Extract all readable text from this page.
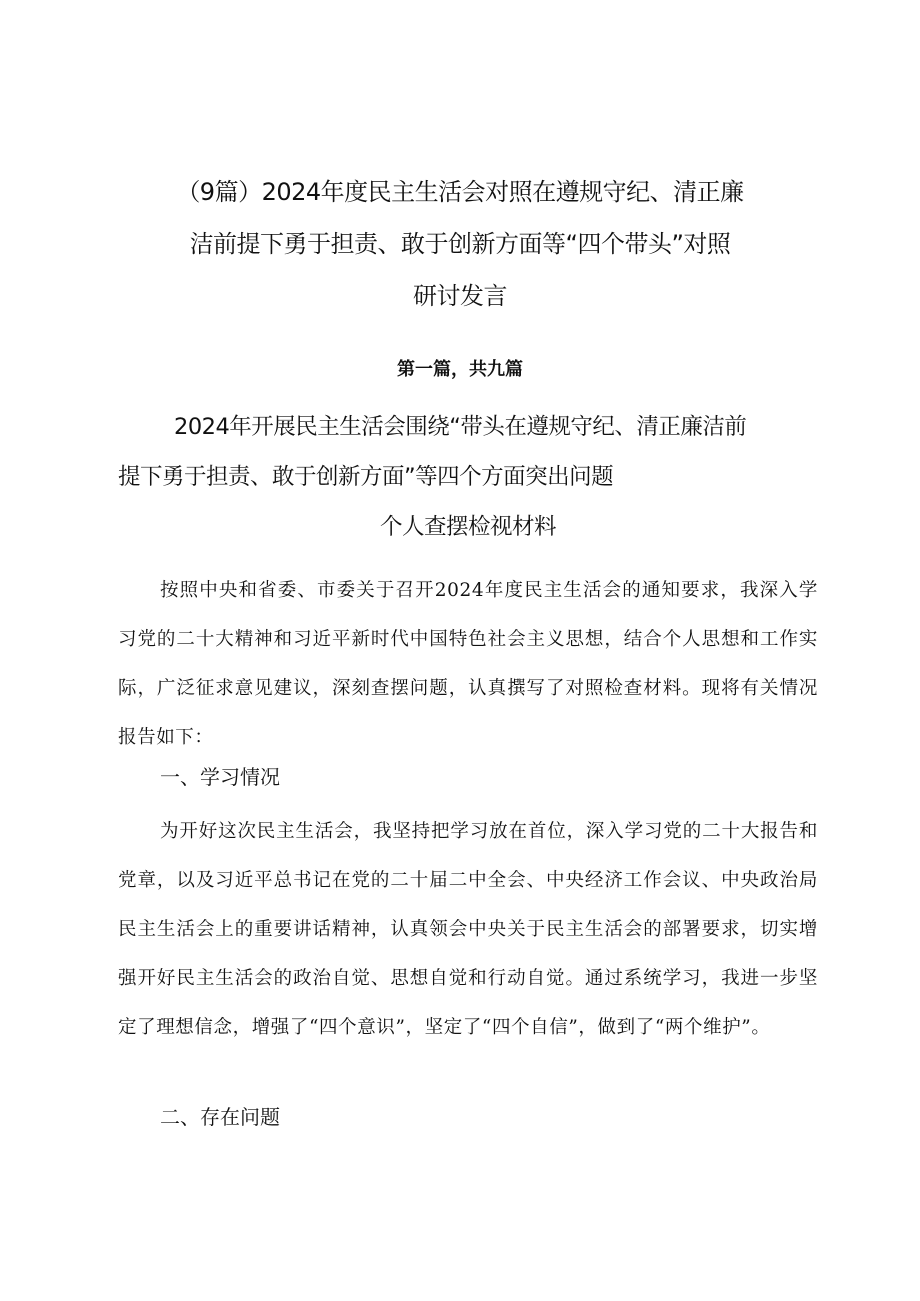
（9篇）2024年度民主生活会对照在遵规守纪、清正廉
洁前提下勇于担责、敢于创新方面等“四个带头”对照
研讨发言

第一篇，共九篇

2024年开展民主生活会围绕“带头在遵规守纪、清正廉洁前
提下勇于担责、敢于创新方面”等四个方面突出问题
个人查摆检视材料

按照中央和省委、市委关于召开2024年度民主生活会的通知要求，我深入学习党的二十大精神和习近平新时代中国特色社会主义思想，结合个人思想和工作实际，广泛征求意见建议，深刻查摆问题，认真撰写了对照检查材料。现将有关情况报告如下：

一、学习情况

为开好这次民主生活会，我坚持把学习放在首位，深入学习党的二十大报告和党章，以及习近平总书记在党的二十届二中全会、中央经济工作会议、中央政治局民主生活会上的重要讲话精神，认真领会中央关于民主生活会的部署要求，切实增强开好民主生活会的政治自觉、思想自觉和行动自觉。通过系统学习，我进一步坚定了理想信念，增强了“四个意识”，坚定了“四个自信”，做到了“两个维护”。

二、存在问题
